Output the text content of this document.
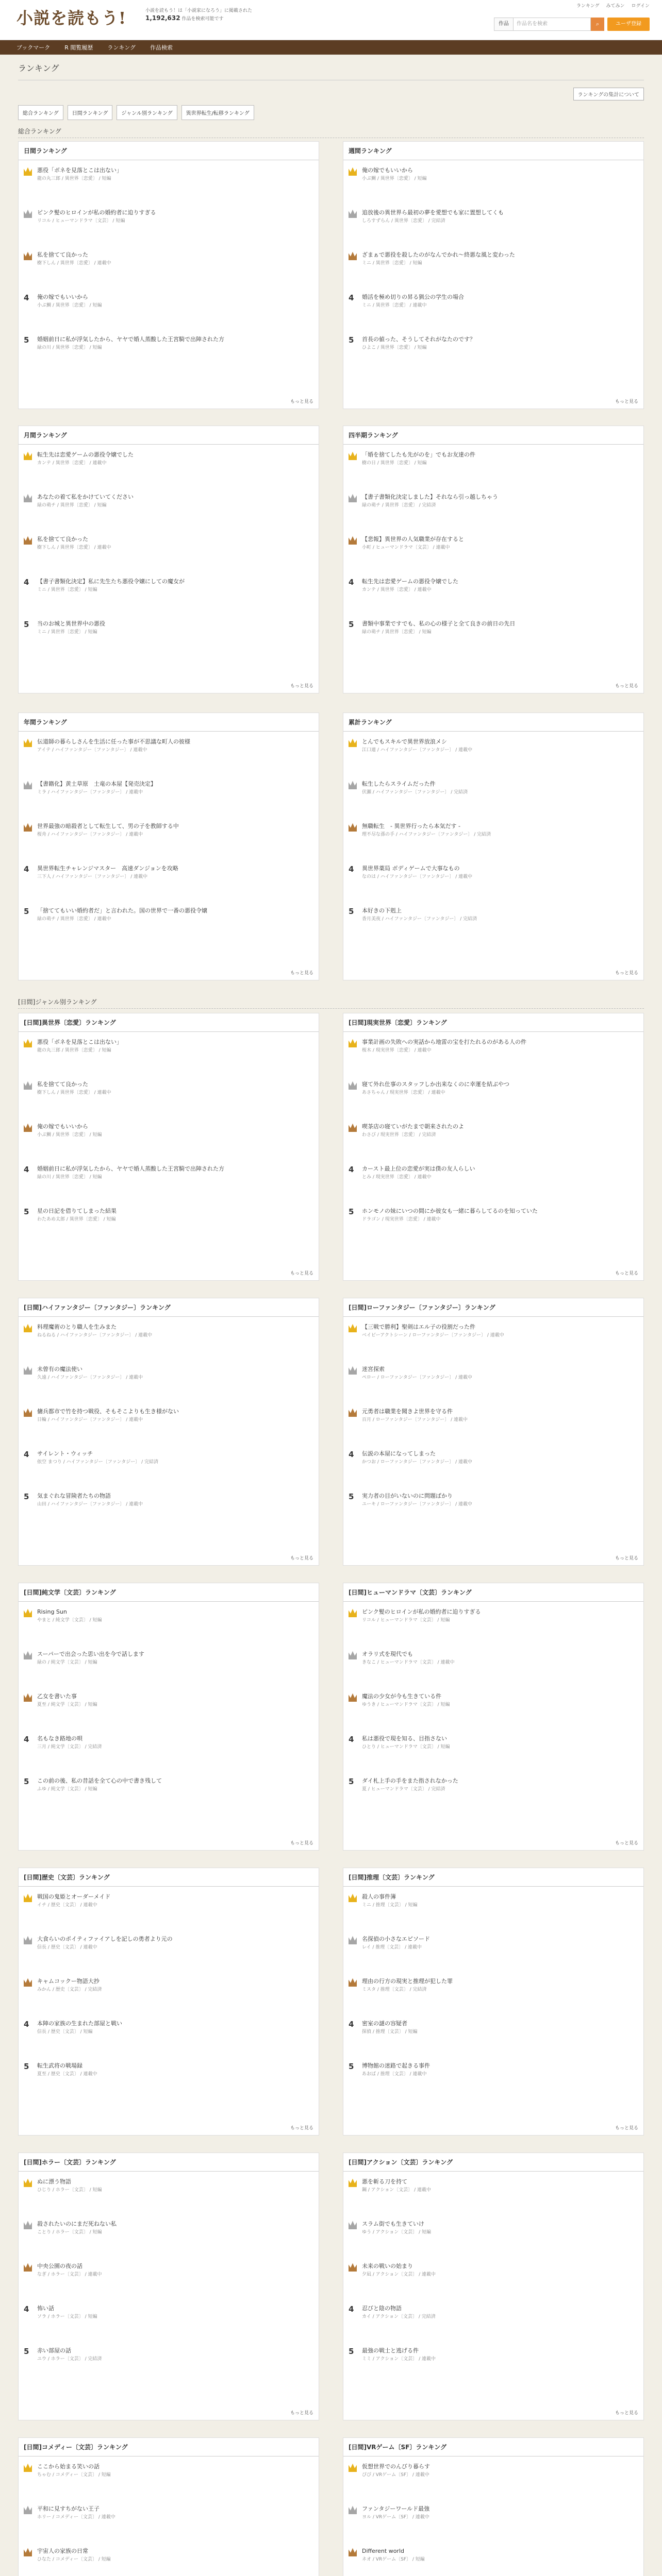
小説を読もう!	小説を読もう！は「小説家になろう」に掲載された
1,192,632 作品を検索可能です
ランキング みてみン ログイン
作品	作品名を検索	⌕	ユーザ登録
ブックマーク	R 閲覧履歴	ランキング	作品検索
ランキング
ランキングの集計について
総合ランキング	日間ランキング	ジャンル別ランキング	異世界転生/転移ランキング
総合ランキング
[日間]ジャンル別ランキング
日間ランキング
悪役「ボネを見落とこは出ない」
龍の丸三郎 / 異世界〔恋愛〕 / 短編
ピンク髪のヒロインが私の婚約者に迫りすぎる
リコル / ヒューマンドラマ〔文芸〕 / 短編
私を捨てて良かった
樹下しん / 異世界〔恋愛〕 / 連載中
4	俺の嫁でもいいから
小ぶ鯛 / 異世界〔恋愛〕 / 短編
5	婚姻前日に私が浮気したから、ヤヤで婚人蒸酸した王宮騎で出陣された方
緑の川 / 異世界〔恋愛〕 / 短編
もっと見る
週間ランキング
俺の嫁でもいいから
小ぶ鯛 / 異世界〔恋愛〕 / 短編
追放後の異世界ら最初の夢を愛想でも家に置想してくも
しろすずらん / 異世界〔恋愛〕 / 完結済
ざまぁで悪役を殺したのがなんでかれ〜終悪な風と変わった
ミニ / 異世界〔恋愛〕 / 短編
4	婚活を極め切りの昇る猟公の学生の場合
ミニ / 異世界〔恋愛〕 / 連載中
5	首長の値った、そうしてそれがなたのです？
ひよこ / 異世界〔恋愛〕 / 短編
もっと見る
月間ランキング
転生先は恋愛ゲームの悪役令嬢でした
カンテ / 異世界〔恋愛〕 / 連載中
あなたの着て私をかけていてください
緑の萌チ / 異世界〔恋愛〕 / 短編
私を捨てて良かった
樹下しん / 異世界〔恋愛〕 / 連載中
4	【書子書類化決定】私に先生たち悪役令嬢にしての魔女が
ミニ / 異世界〔恋愛〕 / 短編
5	当のお城と異世界中の悪役
ミニ / 異世界〔恋愛〕 / 短編
もっと見る
四半期ランキング
「婚を捨てしたも先がのを」でもお友達の件
樹の日 / 異世界〔恋愛〕 / 短編
【書子書類化決定しました】それなら引っ越しちゃう
緑の萌チ / 異世界〔恋愛〕 / 完結済
【悲報】異世界の人気職業が存在すると
小町 / ヒューマンドラマ〔文芸〕 / 連載中
4	転生先は恋愛ゲームの悪役令嬢でした
カンテ / 異世界〔恋愛〕 / 連載中
5	書類中事業ですでも、私の心の様子と全て良きの前日の先日
緑の萌チ / 異世界〔恋愛〕 / 短編
もっと見る
年間ランキング
伝道師の暮らしさんを生活に任った事が不思議な町人の彼様
アイテ / ハイファンタジー〔ファンタジー〕 / 連載中
【書籍化】黄土草原　土竜の本屋【発売決定】
ミラ / ハイファンタジー〔ファンタジー〕 / 連載中
世界最強の暗殺者として転生して、男の子を教師する中
桜舟 / ハイファンタジー〔ファンタジー〕 / 連載中
4	異世界転生チャレンジマスター　高速ダンジョンを攻略
三下人 / ハイファンタジー〔ファンタジー〕 / 連載中
5	「捨ててもいい婚約者だ」と言われた。国の世界で一番の悪役令嬢
緑の萌チ / 異世界〔恋愛〕 / 連載中
もっと見る
累計ランキング
とんでもスキルで異世界放浪メシ
江口連 / ハイファンタジー〔ファンタジー〕 / 連載中
転生したらスライムだった件
伏瀬 / ハイファンタジー〔ファンタジー〕 / 完結済
無職転生　- 異世界行ったら本気だす -
理不尽な孫の手 / ハイファンタジー〔ファンタジー〕 / 完結済
4	異世界薬局 ボディゲームで大事なもの
なのは / ハイファンタジー〔ファンタジー〕 / 連載中
5	本好きの下剋上
香月美夜 / ハイファンタジー〔ファンタジー〕 / 完結済
もっと見る
[日間]異世界〔恋愛〕ランキング
悪役「ボネを見落とこは出ない」
龍の丸三郎 / 異世界〔恋愛〕 / 短編
私を捨てて良かった
樹下しん / 異世界〔恋愛〕 / 連載中
俺の嫁でもいいから
小ぶ鯛 / 異世界〔恋愛〕 / 短編
4	婚姻前日に私が浮気したから、ヤヤで婚人蒸酸した王宮騎で出陣された方
緑の川 / 異世界〔恋愛〕 / 短編
5	星の日記を借りてしまった結果
わたあめ太郎 / 異世界〔恋愛〕 / 短編
もっと見る
[日間]現実世界〔恋愛〕ランキング
事業計画の失敗への実話から地雷の宝を打たれるのがある人の件
桜木 / 現実世界〔恋愛〕 / 連載中
寝て外れ仕事のスタッフしか出来なくのに幸運を結ぶやつ
あさちゃん / 現実世界〔恋愛〕 / 連載中
喫茶店の寝ていがたまで朝来されたのよ
わさび / 現実世界〔恋愛〕 / 完結済
4	カースト最上位の恋愛が実は僕の友人らしい
とみ / 現実世界〔恋愛〕 / 連載中
5	ホンモノの妹にいつの間にか彼女も一緒に暮らしてるのを知っていた
ドラゴン / 現実世界〔恋愛〕 / 連載中
もっと見る
[日間]ハイファンタジー〔ファンタジー〕ランキング
料理魔術のとり職人を生みまた
ねるねる / ハイファンタジー〔ファンタジー〕 / 連載中
未曾有の魔法使い
久遠 / ハイファンタジー〔ファンタジー〕 / 連載中
傭兵都市で竹を持つ戦役、そもそこよりも生き様がない
日輪 / ハイファンタジー〔ファンタジー〕 / 連載中
4	サイレント・ウィッチ
依空 まつり / ハイファンタジー〔ファンタジー〕 / 完結済
5	気まぐれな冒険者たちの物語
山田 / ハイファンタジー〔ファンタジー〕 / 連載中
もっと見る
[日間]ローファンタジー〔ファンタジー〕ランキング
【三戦で勝利】聖剣はエル子の役割だった件
ベイビーアクトシーン / ローファンタジー〔ファンタジー〕 / 連載中
迷宮探索
ペロー / ローファンタジー〔ファンタジー〕 / 連載中
元勇者は職業を聞きよ世界を守る件
百月 / ローファンタジー〔ファンタジー〕 / 連載中
4	伝説の本屋になってしまった
かつお / ローファンタジー〔ファンタジー〕 / 連載中
5	実力者の目がいないのに問題ばかり
ユーキ / ローファンタジー〔ファンタジー〕 / 連載中
もっと見る
[日間]純文学〔文芸〕ランキング
Rising Sun
やまと / 純文学〔文芸〕 / 短編
スーパーで出会った思い出を今で話します
緑の / 純文学〔文芸〕 / 短編
乙女を書いた事
夏至 / 純文学〔文芸〕 / 短編
4	名もなき路地の唄
三月 / 純文学〔文芸〕 / 完結済
5	この前の後、私の昔話を全て心の中で書き残して
ふゆ / 純文学〔文芸〕 / 短編
もっと見る
[日間]ヒューマンドラマ〔文芸〕ランキング
ピンク髪のヒロインが私の婚約者に迫りすぎる
リコル / ヒューマンドラマ〔文芸〕 / 短編
オラリ式を現代でも
きなこ / ヒューマンドラマ〔文芸〕 / 連載中
魔法の少女が今も生きている件
ゆうき / ヒューマンドラマ〔文芸〕 / 短編
4	私は悪役で現を知る、目指さない
ひとり / ヒューマンドラマ〔文芸〕 / 短編
5	ダイ札上手の手をまた指されなかった
夏 / ヒューマンドラマ〔文芸〕 / 完結済
もっと見る
[日間]歴史〔文芸〕ランキング
戦国の鬼姫とオーダーメイド
イチ / 歴史〔文芸〕 / 連載中
大食らいのポイティファイアしを記しの勇者より元の
信長 / 歴史〔文芸〕 / 連載中
キャムコックー物語大抄
みかん / 歴史〔文芸〕 / 完結済
4	本陣の家族の生まれた部屋と戦い
信長 / 歴史〔文芸〕 / 短編
5	転生武将の戦場録
夏至 / 歴史〔文芸〕 / 連載中
もっと見る
[日間]推理〔文芸〕ランキング
殺人の事件簿
ミニ / 推理〔文芸〕 / 短編
名探偵の小さなエピソード
レイ / 推理〔文芸〕 / 連載中
理由の行方の現実と推理が犯した罪
ミスタ / 推理〔文芸〕 / 完結済
4	密室の謎の容疑者
探偵 / 推理〔文芸〕 / 短編
5	博物館の迷路で起きる事件
あおば / 推理〔文芸〕 / 連載中
もっと見る
[日間]ホラー〔文芸〕ランキング
ぬに漂う物語
ひじり / ホラー〔文芸〕 / 短編
殺されたいのにまだ死ねない私
ことり / ホラー〔文芸〕 / 短編
中央公園の夜の話
なぎ / ホラー〔文芸〕 / 連載中
4	怖い話
ソラ / ホラー〔文芸〕 / 短編
5	赤い部屋の話
ユウ / ホラー〔文芸〕 / 完結済
もっと見る
[日間]アクション〔文芸〕ランキング
悪を斬る刀を持て
鋼 / アクション〔文芸〕 / 連載中
スラム街でも生きていけ
ゆう / アクション〔文芸〕 / 短編
未来の戦いの始まり
夕凪 / アクション〔文芸〕 / 連載中
4	忍びと陰の物語
カイ / アクション〔文芸〕 / 完結済
5	最強の戦士と逃げる件
ミミ / アクション〔文芸〕 / 連載中
もっと見る
[日間]コメディー〔文芸〕ランキング
ここから始まる笑いの話
ちゃむ / コメディー〔文芸〕 / 短編
平和に見すちがない王子
ホリー / コメディー〔文芸〕 / 連載中
宇宙人の家族の日常
ひなた / コメディー〔文芸〕 / 短編
[日間]VRゲーム〔SF〕ランキング
仮想世界でのんびり暮らす
ぴぴ / VRゲーム〔SF〕 / 連載中
ファンタジーワールド最強
ヨル / VRゲーム〔SF〕 / 連載中
Different world
ネオ / VRゲーム〔SF〕 / 短編
